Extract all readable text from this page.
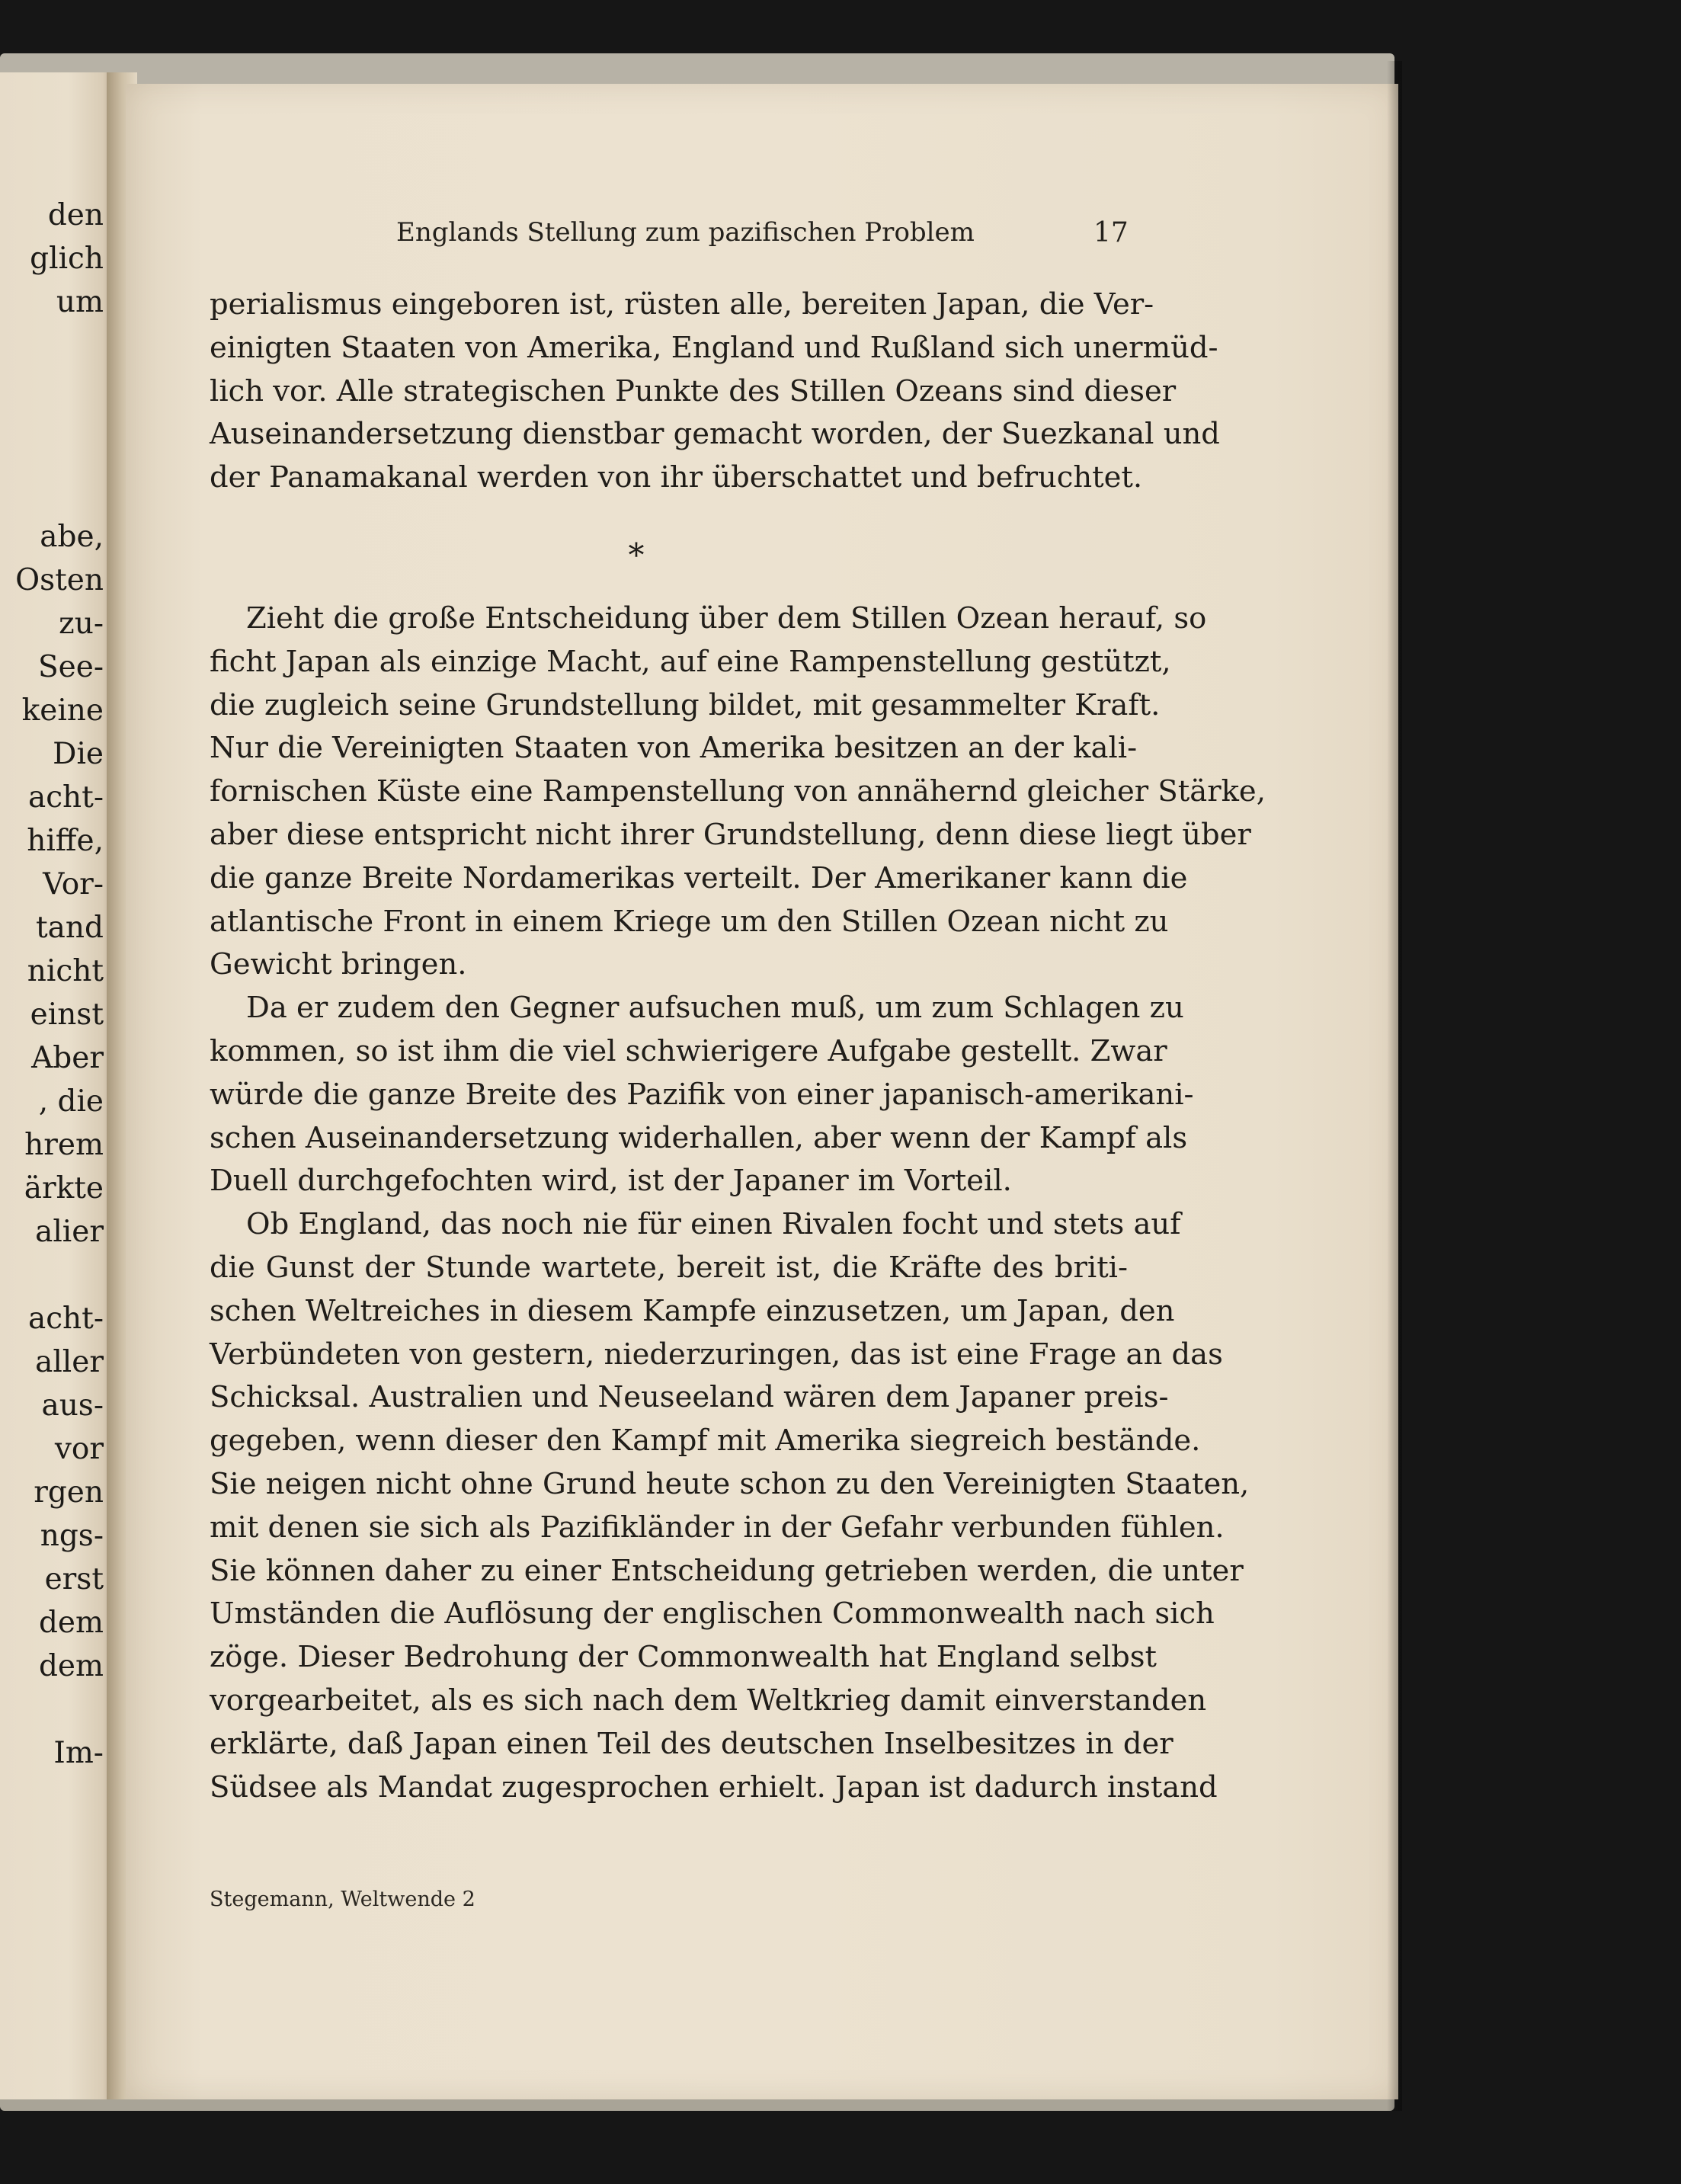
den
glich
um
abe,
Osten
zu-
See-
keine
Die
acht-
hiffe,
Vor-
tand
nicht
einst
Aber
, die
hrem
ärkte
alier
acht-
aller
aus-
vor
rgen
ngs-
erst
dem
dem
Im-
Englands Stellung zum pazifischen Problem	17
perialismus eingeboren ist, rüsten alle, bereiten Japan, die Ver-
einigten Staaten von Amerika, England und Rußland sich unermüd-
lich vor. Alle strategischen Punkte des Stillen Ozeans sind dieser
Auseinandersetzung dienstbar gemacht worden, der Suezkanal und
der Panamakanal werden von ihr überschattet und befruchtet.
*
Zieht die große Entscheidung über dem Stillen Ozean herauf, so
ficht Japan als einzige Macht, auf eine Rampenstellung gestützt,
die zugleich seine Grundstellung bildet, mit gesammelter Kraft.
Nur die Vereinigten Staaten von Amerika besitzen an der kali-
fornischen Küste eine Rampenstellung von annähernd gleicher Stärke,
aber diese entspricht nicht ihrer Grundstellung, denn diese liegt über
die ganze Breite Nordamerikas verteilt. Der Amerikaner kann die
atlantische Front in einem Kriege um den Stillen Ozean nicht zu
Gewicht bringen.
Da er zudem den Gegner aufsuchen muß, um zum Schlagen zu
kommen, so ist ihm die viel schwierigere Aufgabe gestellt. Zwar
würde die ganze Breite des Pazifik von einer japanisch-amerikani-
schen Auseinandersetzung widerhallen, aber wenn der Kampf als
Duell durchgefochten wird, ist der Japaner im Vorteil.
Ob England, das noch nie für einen Rivalen focht und stets auf
die Gunst der Stunde wartete, bereit ist, die Kräfte des briti-
schen Weltreiches in diesem Kampfe einzusetzen, um Japan, den
Verbündeten von gestern, niederzuringen, das ist eine Frage an das
Schicksal. Australien und Neuseeland wären dem Japaner preis-
gegeben, wenn dieser den Kampf mit Amerika siegreich bestände.
Sie neigen nicht ohne Grund heute schon zu den Vereinigten Staaten,
mit denen sie sich als Pazifikländer in der Gefahr verbunden fühlen.
Sie können daher zu einer Entscheidung getrieben werden, die unter
Umständen die Auflösung der englischen Commonwealth nach sich
zöge. Dieser Bedrohung der Commonwealth hat England selbst
vorgearbeitet, als es sich nach dem Weltkrieg damit einverstanden
erklärte, daß Japan einen Teil des deutschen Inselbesitzes in der
Südsee als Mandat zugesprochen erhielt. Japan ist dadurch instand
Stegemann, Weltwende 2
